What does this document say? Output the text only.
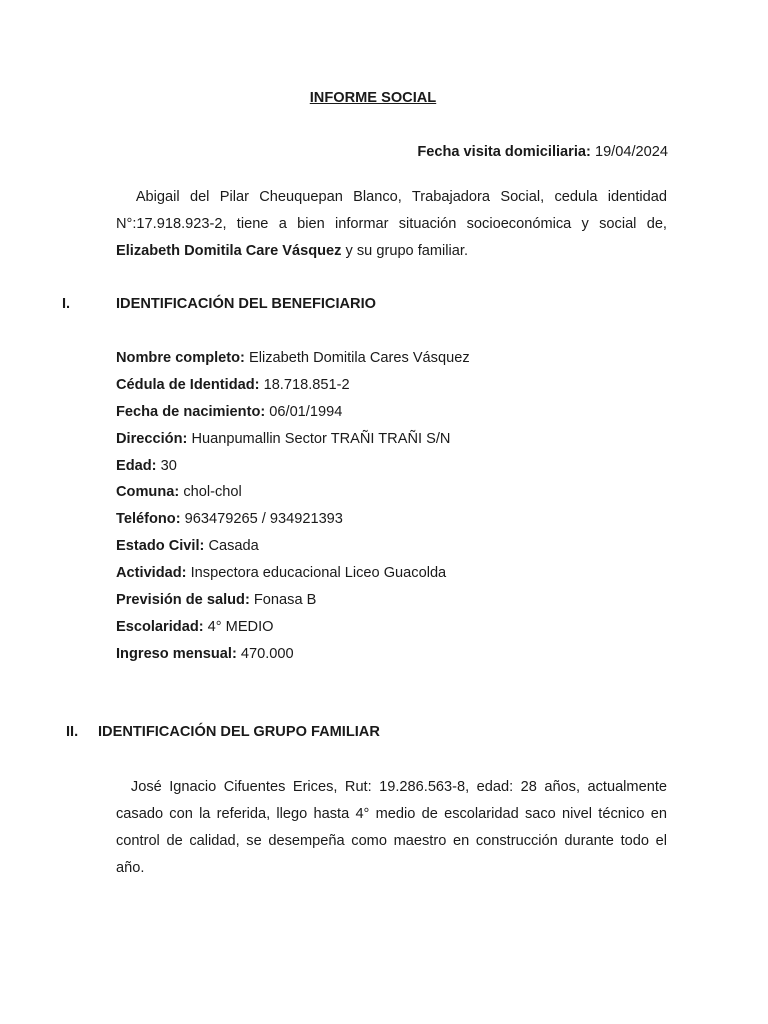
INFORME SOCIAL
Fecha visita domiciliaria: 19/04/2024

Abigail del Pilar Cheuquepan Blanco, Trabajadora Social, cedula identidad N°:17.918.923-2, tiene a bien informar situación socioeconómica y social de, Elizabeth Domitila Care Vásquez y su grupo familiar.

I.	IDENTIFICACIÓN DEL BENEFICIARIO
Nombre completo: Elizabeth Domitila Cares Vásquez
Cédula de Identidad: 18.718.851-2
Fecha de nacimiento: 06/01/1994
Dirección: Huanpumallin Sector TRAÑI TRAÑI S/N
Edad: 30
Comuna: chol-chol
Teléfono: 963479265 / 934921393
Estado Civil: Casada
Actividad: Inspectora educacional Liceo Guacolda
Previsión de salud: Fonasa B
Escolaridad: 4° MEDIO
Ingreso mensual: 470.000
II. IDENTIFICACIÓN DEL GRUPO FAMILIAR

José Ignacio Cifuentes Erices, Rut: 19.286.563-8, edad: 28 años, actualmente casado con la referida, llego hasta 4° medio de escolaridad saco nivel técnico en control de calidad, se desempeña como maestro en construcción durante todo el año.
